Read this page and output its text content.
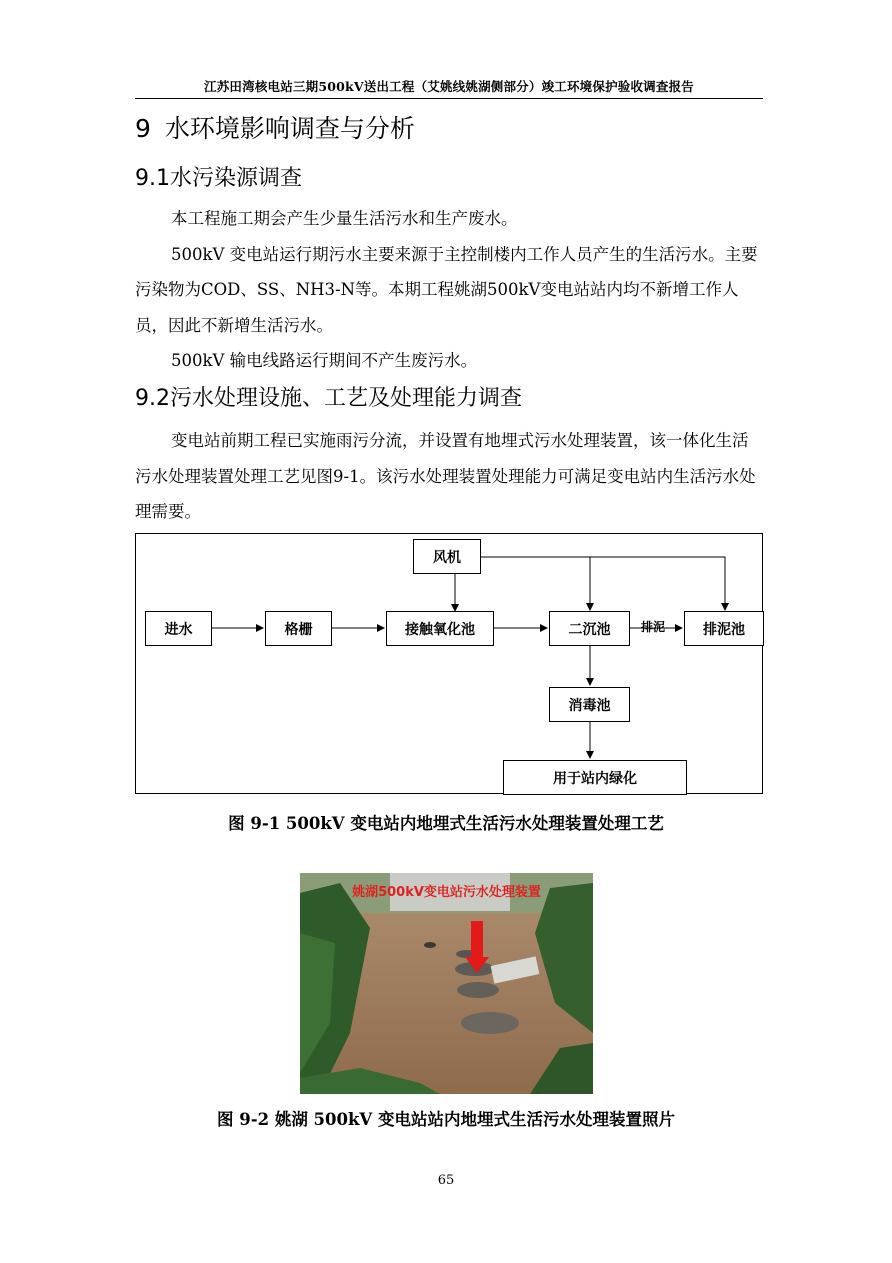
江苏田湾核电站三期500kV送出工程（艾姚线姚湖侧部分）竣工环境保护验收调查报告
9 水环境影响调查与分析
9.1水污染源调查

本工程施工期会产生少量生活污水和生产废水。

500kV 变电站运行期污水主要来源于主控制楼内工作人员产生的生活污水。主要污染物为COD、SS、NH3-N等。本期工程姚湖500kV变电站站内均不新增工作人员，因此不新增生活污水。

500kV 输电线路运行期间不产生废污水。

9.2污水处理设施、工艺及处理能力调查

变电站前期工程已实施雨污分流，并设置有地埋式污水处理装置，该一体化生活污水处理装置处理工艺见图9-1。该污水处理装置处理能力可满足变电站内生活污水处理需要。

进水	格栅	接触氧化池
风机
二沉池	排泥池
消毒池
用于站内绿化
排泥
图 9-1 500kV 变电站内地埋式生活污水处理装置处理工艺
姚湖500kV变电站污水处理装置
图 9-2 姚湖 500kV 变电站站内地埋式生活污水处理装置照片
65
